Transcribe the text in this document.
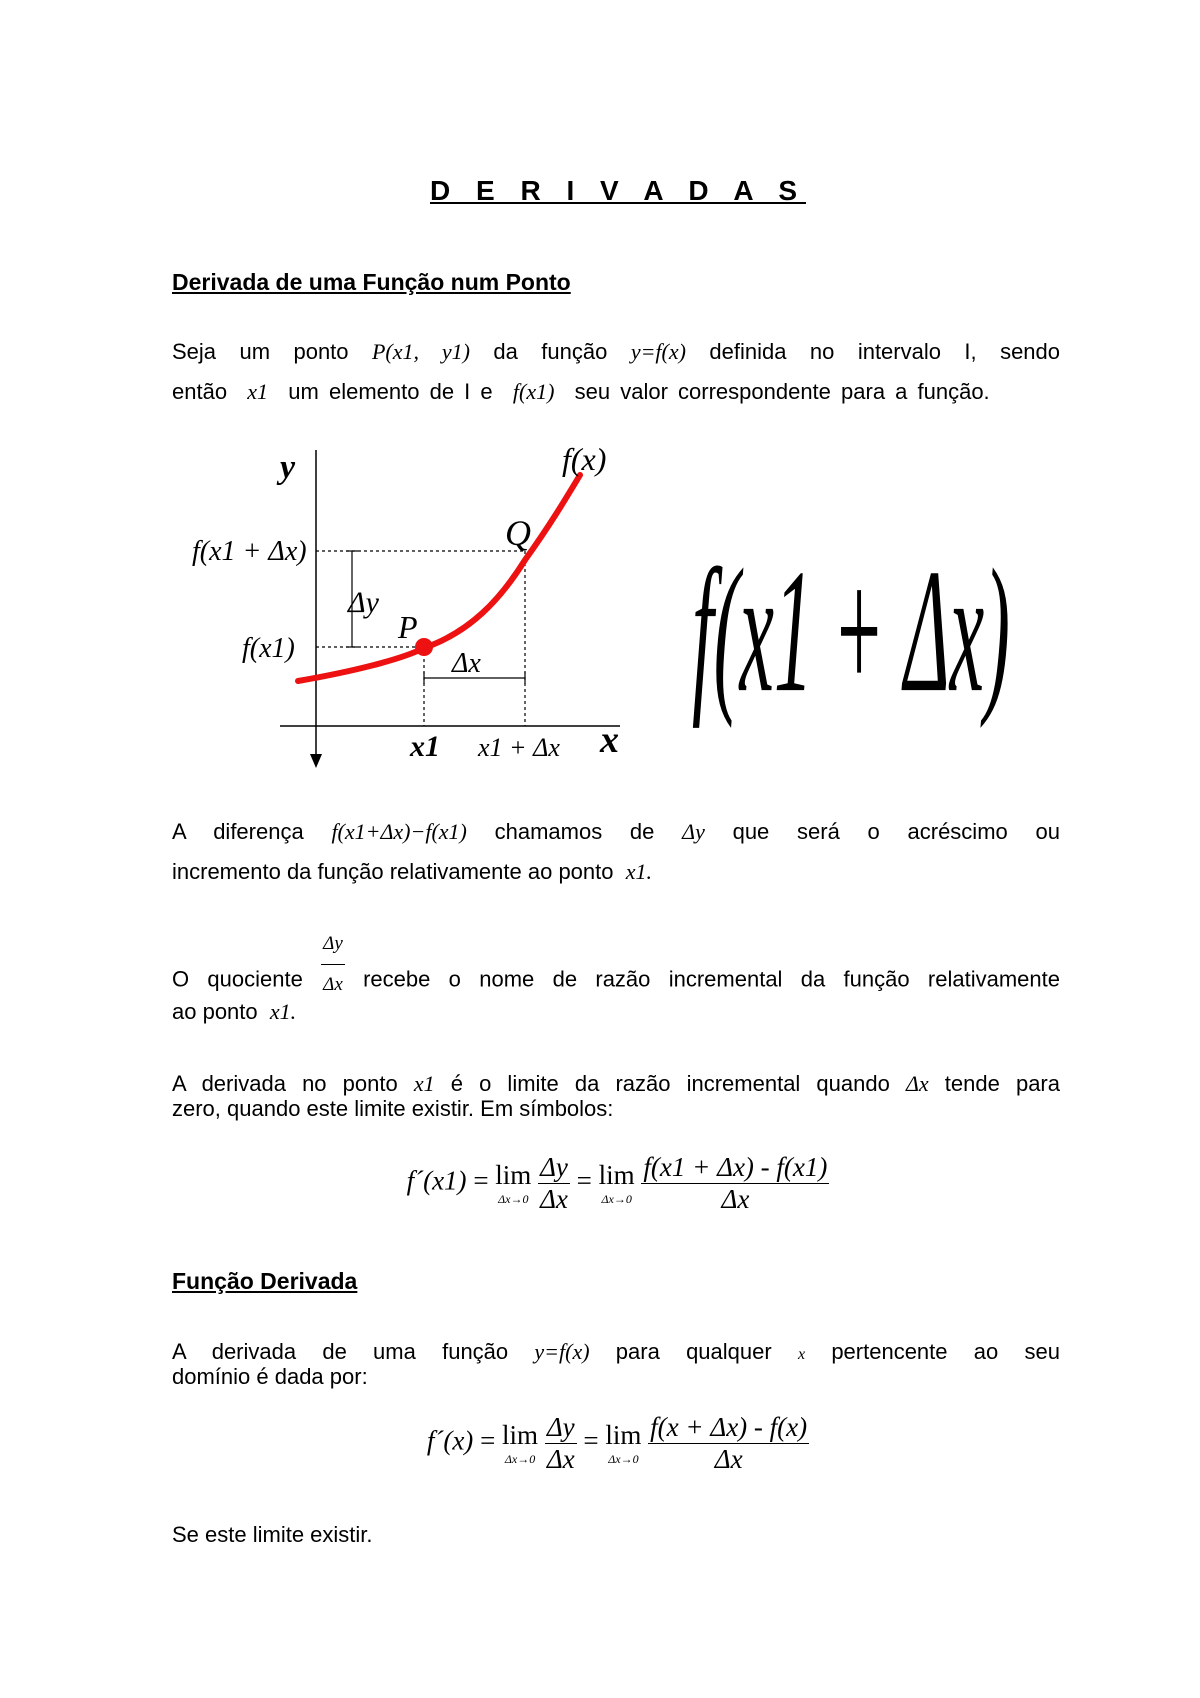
D E R I V A D A S
Derivada de uma Função num Ponto
Seja um ponto P(x1, y1) da função y=f(x) definida no intervalo I, sendo
então x1 um elemento de I e f(x1) seu valor correspondente para a função.
y	f(x)
Q
P
f(x1 + Δx)
f(x1)
Δy
Δx
x1 x1 + Δx x
f(x1 + Δx)
A diferença f(x1+Δx)−f(x1) chamamos de Δy que será o acréscimo ou
incremento da função relativamente ao ponto x1.
O quociente $\frac{\Delta y}{\Delta x}$ recebe o nome de razão incremental da função relativamente
ao ponto x1.
A derivada no ponto x1 é o limite da razão incremental quando Δx tende para
zero, quando este limite existir. Em símbolos:
f´(x1) = lim
Δx→0
$\frac{\Delta y}{\Delta x} = \lim$
Δx→0
$\frac{f(x1 + \Delta x) - f(x1)}{\Delta x}$
Função Derivada
A derivada de uma função y=f(x) para qualquer x pertencente ao seu
domínio é dada por:
f´(x) = lim
Δx→0
$\frac{\Delta y}{\Delta x} = \lim$
Δx→0
$\frac{f(x + \Delta x) - f(x)}{\Delta x}$
Se este limite existir.
